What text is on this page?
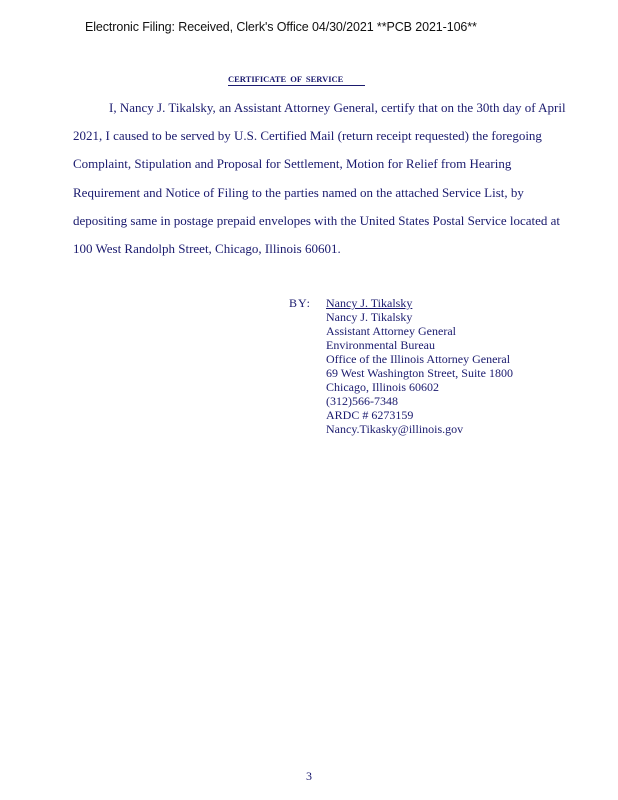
Electronic Filing: Received, Clerk's Office 04/30/2021 **PCB 2021-106**
CERTIFICATE OF SERVICE
I, Nancy J. Tikalsky, an Assistant Attorney General, certify that on the 30th day of April
2021, I caused to be served by U.S. Certified Mail (return receipt requested) the foregoing
Complaint, Stipulation and Proposal for Settlement, Motion for Relief from Hearing
Requirement and Notice of Filing to the parties named on the attached Service List, by
depositing same in postage prepaid envelopes with the United States Postal Service located at
100 West Randolph Street, Chicago, Illinois 60601.
BY: Nancy J. Tikalsky
Nancy J. Tikalsky
Assistant Attorney General
Environmental Bureau
Office of the Illinois Attorney General
69 West Washington Street, Suite 1800
Chicago, Illinois 60602
(312)566-7348
ARDC # 6273159
Nancy.Tikasky@illinois.gov
3
